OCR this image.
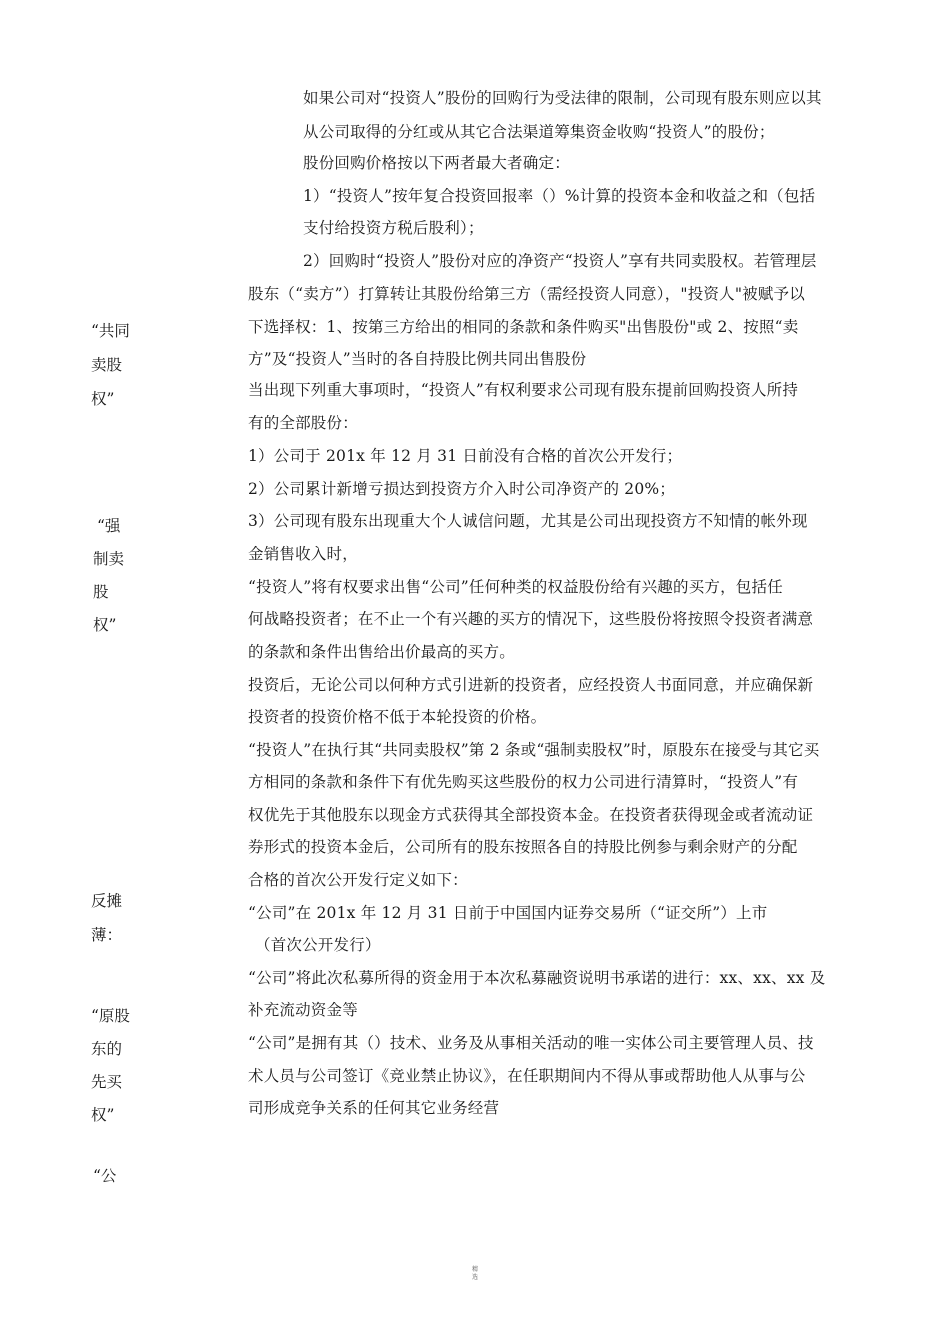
“共同
卖股
权”
“强
制卖
股
权”
反摊
薄：
“原股
东的
先买
权”
“公
如果公司对“投资人”股份的回购行为受法律的限制，公司现有股东则应以其
从公司取得的分红或从其它合法渠道筹集资金收购“投资人”的股份；
股份回购价格按以下两者最大者确定：
1）“投资人”按年复合投资回报率（）%计算的投资本金和收益之和（包括
支付给投资方税后股利）；
2）回购时“投资人”股份对应的净资产“投资人”享有共同卖股权。若管理层
股东（“卖方”）打算转让其股份给第三方（需经投资人同意），"投资人"被赋予以
下选择权：1、按第三方给出的相同的条款和条件购买"出售股份"或 2、按照“卖
方”及“投资人”当时的各自持股比例共同出售股份
当出现下列重大事项时，“投资人”有权利要求公司现有股东提前回购投资人所持
有的全部股份：
1）公司于 201x 年 12 月 31 日前没有合格的首次公开发行；
2）公司累计新增亏损达到投资方介入时公司净资产的 20%；
3）公司现有股东出现重大个人诚信问题，尤其是公司出现投资方不知情的帐外现
金销售收入时，
“投资人”将有权要求出售“公司”任何种类的权益股份给有兴趣的买方，包括任
何战略投资者；在不止一个有兴趣的买方的情况下，这些股份将按照令投资者满意
的条款和条件出售给出价最高的买方。
投资后，无论公司以何种方式引进新的投资者，应经投资人书面同意，并应确保新
投资者的投资价格不低于本轮投资的价格。
“投资人”在执行其“共同卖股权”第 2 条或“强制卖股权”时，原股东在接受与其它买
方相同的条款和条件下有优先购买这些股份的权力公司进行清算时，“投资人”有
权优先于其他股东以现金方式获得其全部投资本金。在投资者获得现金或者流动证
券形式的投资本金后，公司所有的股东按照各自的持股比例参与剩余财产的分配
合格的首次公开发行定义如下：
“公司”在 201x 年 12 月 31 日前于中国国内证券交易所（“证交所”）上市
（首次公开发行）
“公司”将此次私募所得的资金用于本次私募融资说明书承诺的进行：xx、xx、xx 及
补充流动资金等
“公司”是拥有其（）技术、业务及从事相关活动的唯一实体公司主要管理人员、技
术人员与公司签订《竞业禁止协议》，在任职期间内不得从事或帮助他人从事与公
司形成竞争关系的任何其它业务经营
精
选
